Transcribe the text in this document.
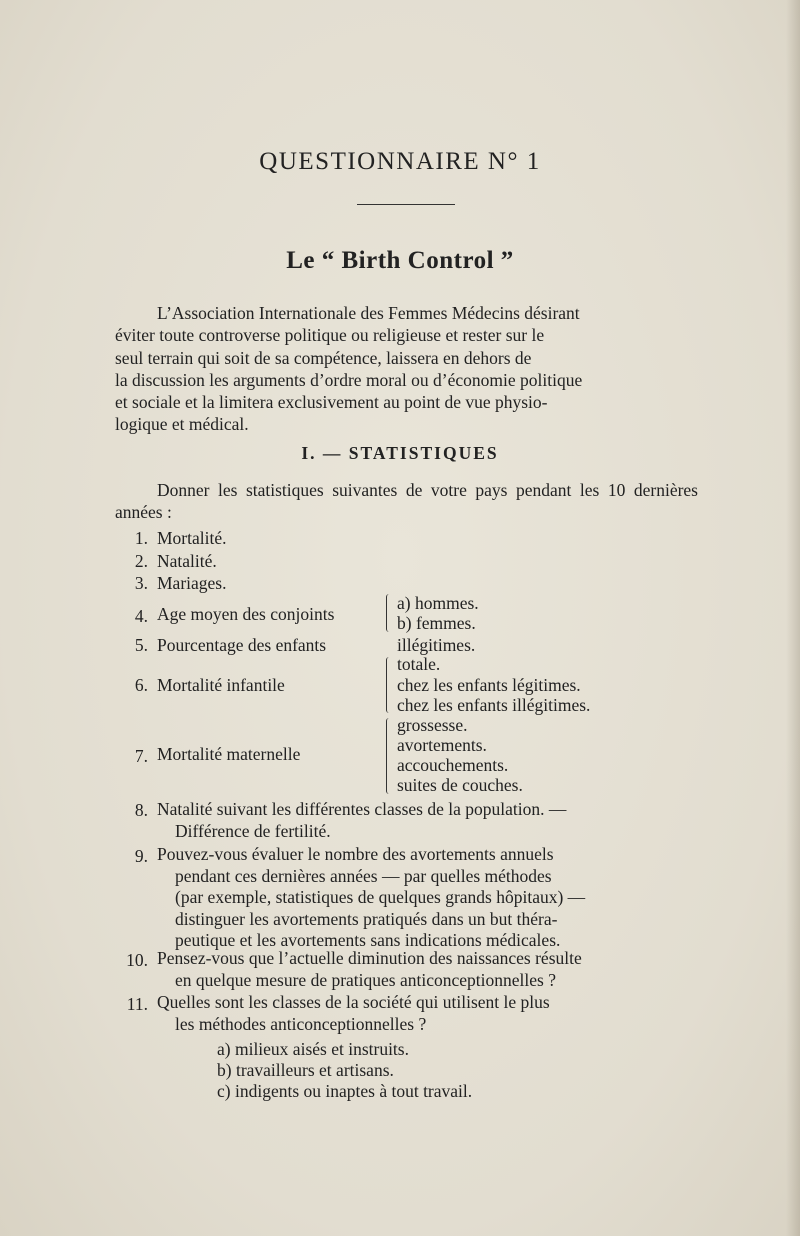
QUESTIONNAIRE N° 1
Le “ Birth Control ”
L’Association Internationale des Femmes Médecins désirant
éviter toute controverse politique ou religieuse et rester sur le
seul terrain qui soit de sa compétence, laissera en dehors de
la discussion les arguments d’ordre moral ou d’économie politique
et sociale et la limitera exclusivement au point de vue physio-
logique et médical.
I. — STATISTIQUES
Donner les statistiques suivantes de votre pays pendant les 10 dernières années :
1. Mortalité.
2. Natalité.
3. Mariages.
4. Age moyen des conjoints
a) hommes.
b) femmes.
5. Pourcentage des enfants	illégitimes.
6. Mortalité infantile
totale.
chez les enfants légitimes.
chez les enfants illégitimes.
7. Mortalité maternelle
grossesse.
avortements.
accouchements.
suites de couches.
8. Natalité suivant les différentes classes de la population. —
Différence de fertilité.
9. Pouvez-vous évaluer le nombre des avortements annuels
pendant ces dernières années — par quelles méthodes
(par exemple, statistiques de quelques grands hôpitaux) —
distinguer les avortements pratiqués dans un but théra-
peutique et les avortements sans indications médicales.
10. Pensez-vous que l’actuelle diminution des naissances résulte
en quelque mesure de pratiques anticonceptionnelles ?
11. Quelles sont les classes de la société qui utilisent le plus
les méthodes anticonceptionnelles ?
a) milieux aisés et instruits.
b) travailleurs et artisans.
c) indigents ou inaptes à tout travail.
